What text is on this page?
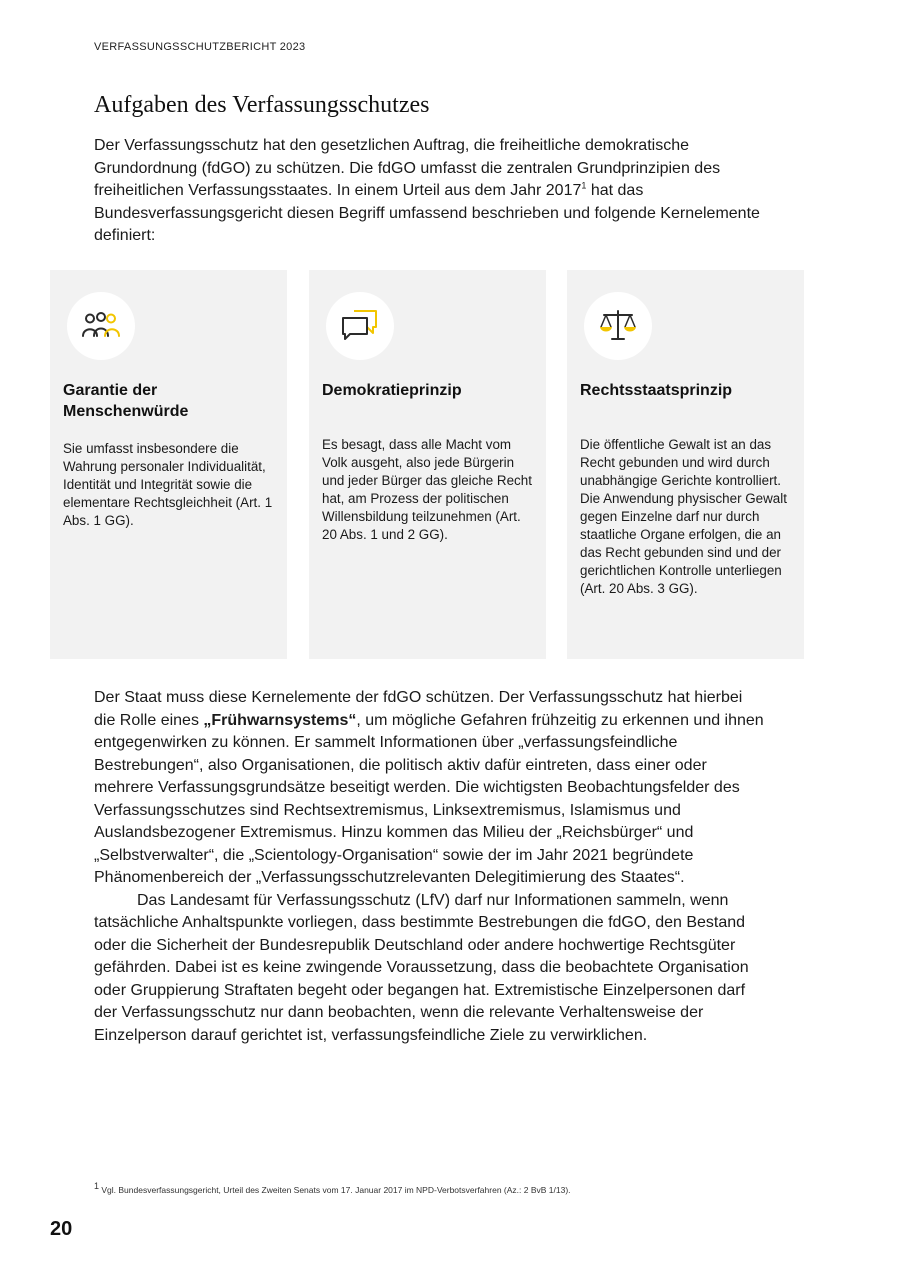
VERFASSUNGSSCHUTZBERICHT 2023
Aufgaben des Verfassungsschutzes

Der Verfassungsschutz hat den gesetzlichen Auftrag, die freiheitliche demokratische Grundordnung (fdGO) zu schützen. Die fdGO umfasst die zentralen Grundprinzipien des freiheitlichen Verfassungsstaates. In einem Urteil aus dem Jahr 2017$^1$ hat das Bundesverfassungsgericht diesen Begriff umfassend beschrieben und folgende Kernelemente definiert:

Garantie der Menschenwürde

Sie umfasst insbesondere die Wahrung personaler Individualität, Identität und Integrität sowie die elementare Rechtsgleichheit (Art. 1 Abs. 1 GG).

Demokratieprinzip

Es besagt, dass alle Macht vom Volk ausgeht, also jede Bürgerin und jeder Bürger das gleiche Recht hat, am Prozess der politischen Willensbildung teilzunehmen (Art. 20 Abs. 1 und 2 GG).

Rechtsstaatsprinzip

Die öffentliche Gewalt ist an das Recht gebunden und wird durch unabhängige Gerichte kontrolliert. Die Anwendung physischer Gewalt gegen Einzelne darf nur durch staatliche Organe erfolgen, die an das Recht gebunden sind und der gerichtlichen Kontrolle unterliegen (Art. 20 Abs. 3 GG).

Der Staat muss diese Kernelemente der fdGO schützen. Der Verfassungsschutz hat hierbei die Rolle eines „Frühwarnsystems“, um mögliche Gefahren frühzeitig zu erkennen und ihnen entgegenwirken zu können. Er sammelt Informationen über „verfassungsfeindliche Bestrebungen“, also Organisationen, die politisch aktiv dafür eintreten, dass einer oder mehrere Verfassungsgrundsätze beseitigt werden. Die wichtigsten Beobachtungsfelder des Verfassungsschutzes sind Rechtsextremismus, Linksextremismus, Islamismus und Auslandsbezogener Extremismus. Hinzu kommen das Milieu der „Reichsbürger“ und „Selbstverwalter“, die „Scientology-Organisation“ sowie der im Jahr 2021 begründete Phänomenbereich der „Verfassungsschutzrelevanten Delegitimierung des Staates“.

Das Landesamt für Verfassungsschutz (LfV) darf nur Informationen sammeln, wenn tatsächliche Anhaltspunkte vorliegen, dass bestimmte Bestrebungen die fdGO, den Bestand oder die Sicherheit der Bundesrepublik Deutschland oder andere hochwertige Rechtsgüter gefährden. Dabei ist es keine zwingende Voraussetzung, dass die beobachtete Organisation oder Gruppierung Straftaten begeht oder begangen hat. Extremistische Einzelpersonen darf der Verfassungsschutz nur dann beobachten, wenn die relevante Verhaltensweise der Einzelperson darauf gerichtet ist, verfassungsfeindliche Ziele zu verwirklichen.

$^1$ Vgl. Bundesverfassungsgericht, Urteil des Zweiten Senats vom 17. Januar 2017 im NPD-Verbotsverfahren (Az.: 2 BvB 1/13).

20
